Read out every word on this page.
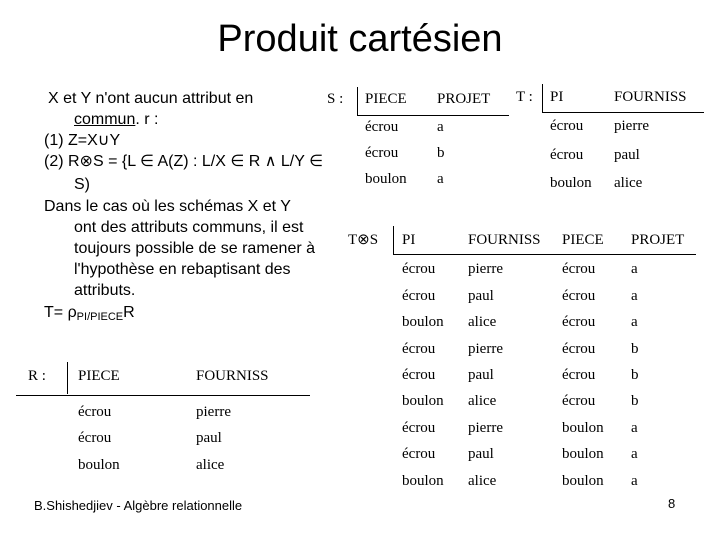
Produit cartésien
X et Y n'ont aucun attribut en
commun. r :
(1) Z=X∪Y
(2) R⊗S = {L ∈ A(Z) : L/X ∈ R ∧ L/Y ∈
S)
Dans le cas où les schémas X et Y
ont des attributs communs, il est
toujours possible de se ramener à
l'hypothèse en rebaptisant des
attributs.
$T= \rho_{PI/PIECE}R$
S : PIECE PROJET
écrou	a
écrou	b
boulon a
T : PI	FOURNISS
écrou pierre
écrou paul
boulon alice
T⊗S PI	FOURNISS PIECE PROJET
écrou pierre	écrou a
écrou paul	écrou a
boulon alice	écrou a
écrou pierre	écrou b
écrou paul	écrou b
boulon alice	écrou b
écrou pierre	boulon a
écrou paul	boulon a
boulon alice	boulon a
R : PIECE	FOURNISS
écrou	pierre
écrou	paul
boulon	alice
B.Shishedjiev - Algèbre relationnelle	8
